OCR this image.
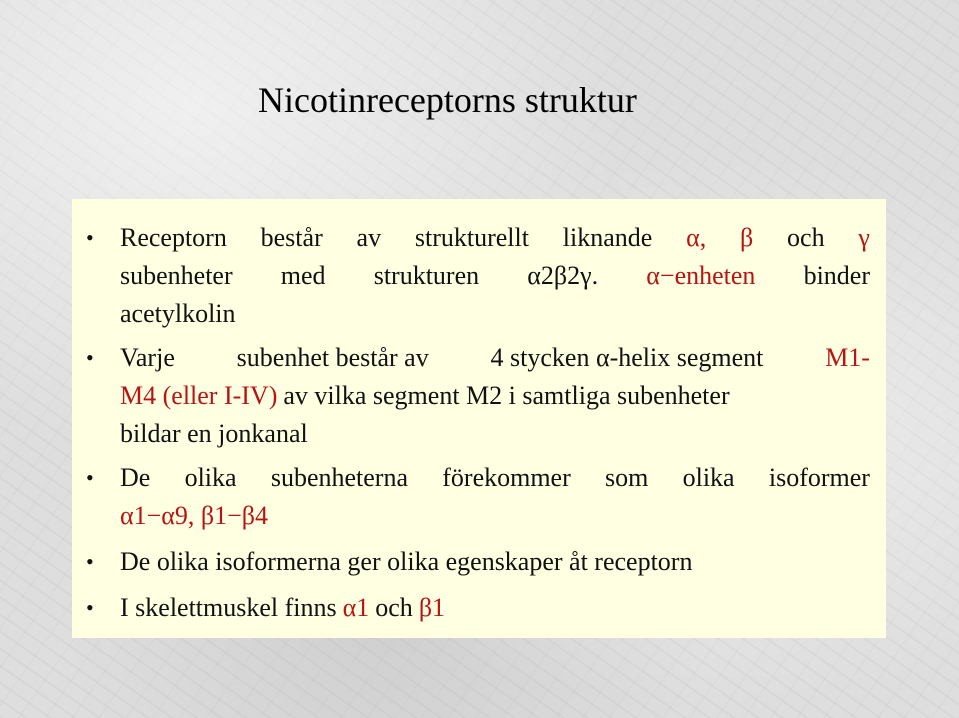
Nicotinreceptorns struktur
• Receptorn består av strukturellt liknande α, β och γ
subenheter med strukturen α2β2γ. α−enheten binder
acetylkolin
• Varje subenhet består av 4 stycken α-helix segment M1-
M4 (eller I-IV) av vilka segment M2 i samtliga subenheter
bildar en jonkanal
• De olika subenheterna förekommer som olika isoformer
α1−α9, β1−β4
• De olika isoformerna ger olika egenskaper åt receptorn
• I skelettmuskel finns α1 och β1
